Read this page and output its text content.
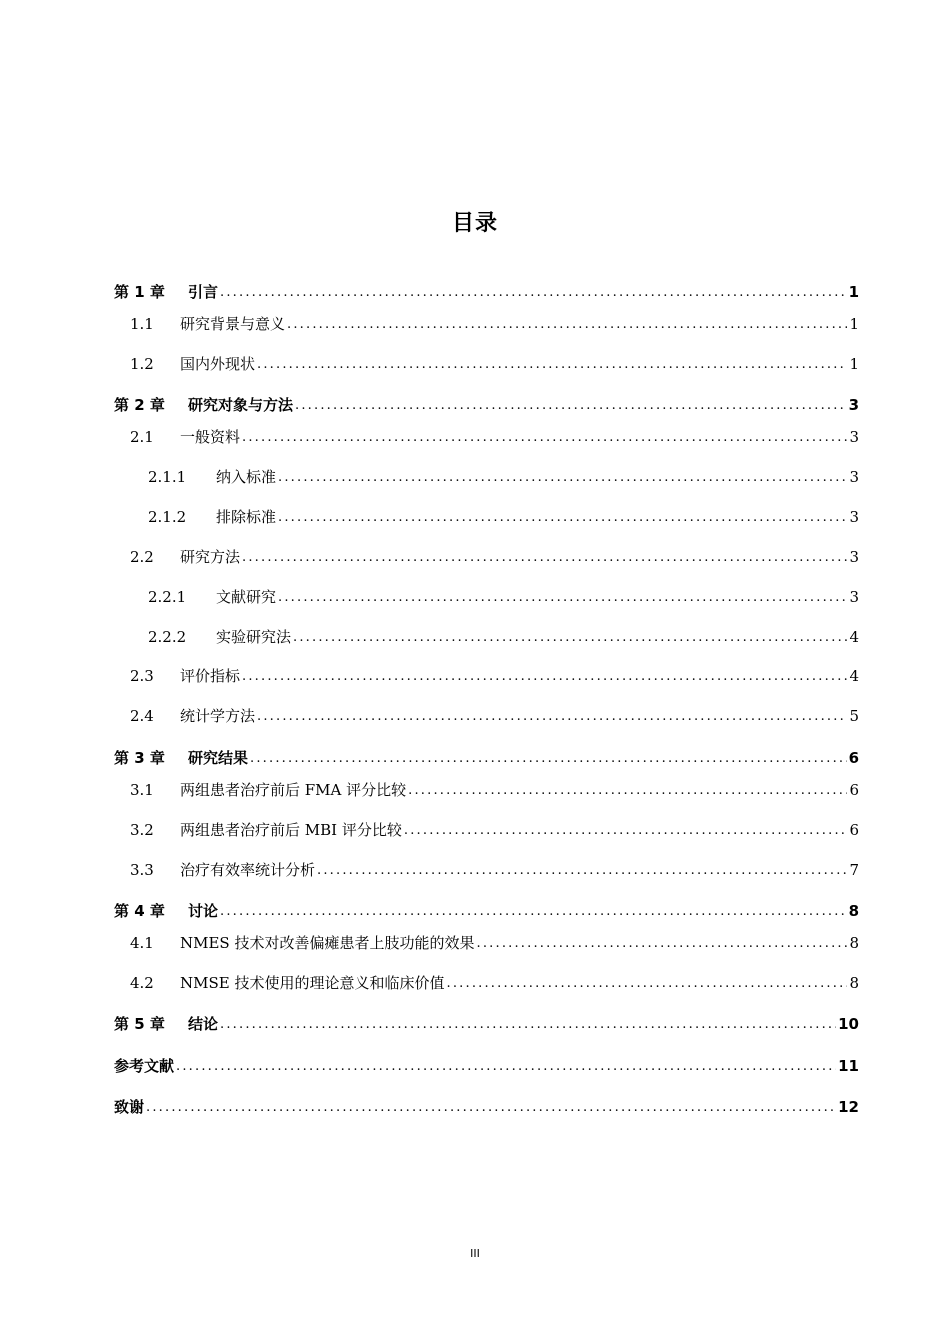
目录
第 1 章	引言 .....	1
1.1	研究背景与意义 .....	1
1.2	国内外现状 .....	1
第 2 章	研究对象与方法 .....	3
2.1	一般资料 .....	3
2.1.1	纳入标准 .....	3
2.1.2	排除标准 .....	3
2.2	研究方法 .....	3
2.2.1	文献研究 .....	3
2.2.2	实验研究法 .....	4
2.3	评价指标 .....	4
2.4	统计学方法 .....	5
第 3 章	研究结果 .....	6
3.1	两组患者治疗前后 FMA 评分比较 .....	6
3.2	两组患者治疗前后 MBI 评分比较 .....	6
3.3	治疗有效率统计分析 .....	7
第 4 章	讨论 .....	8
4.1	NMES 技术对改善偏瘫患者上肢功能的效果 .....	8
4.2	NMSE 技术使用的理论意义和临床价值 .....	8
第 5 章	结论 .....	10
参考文献 .....	11
致谢 .....	12
III
